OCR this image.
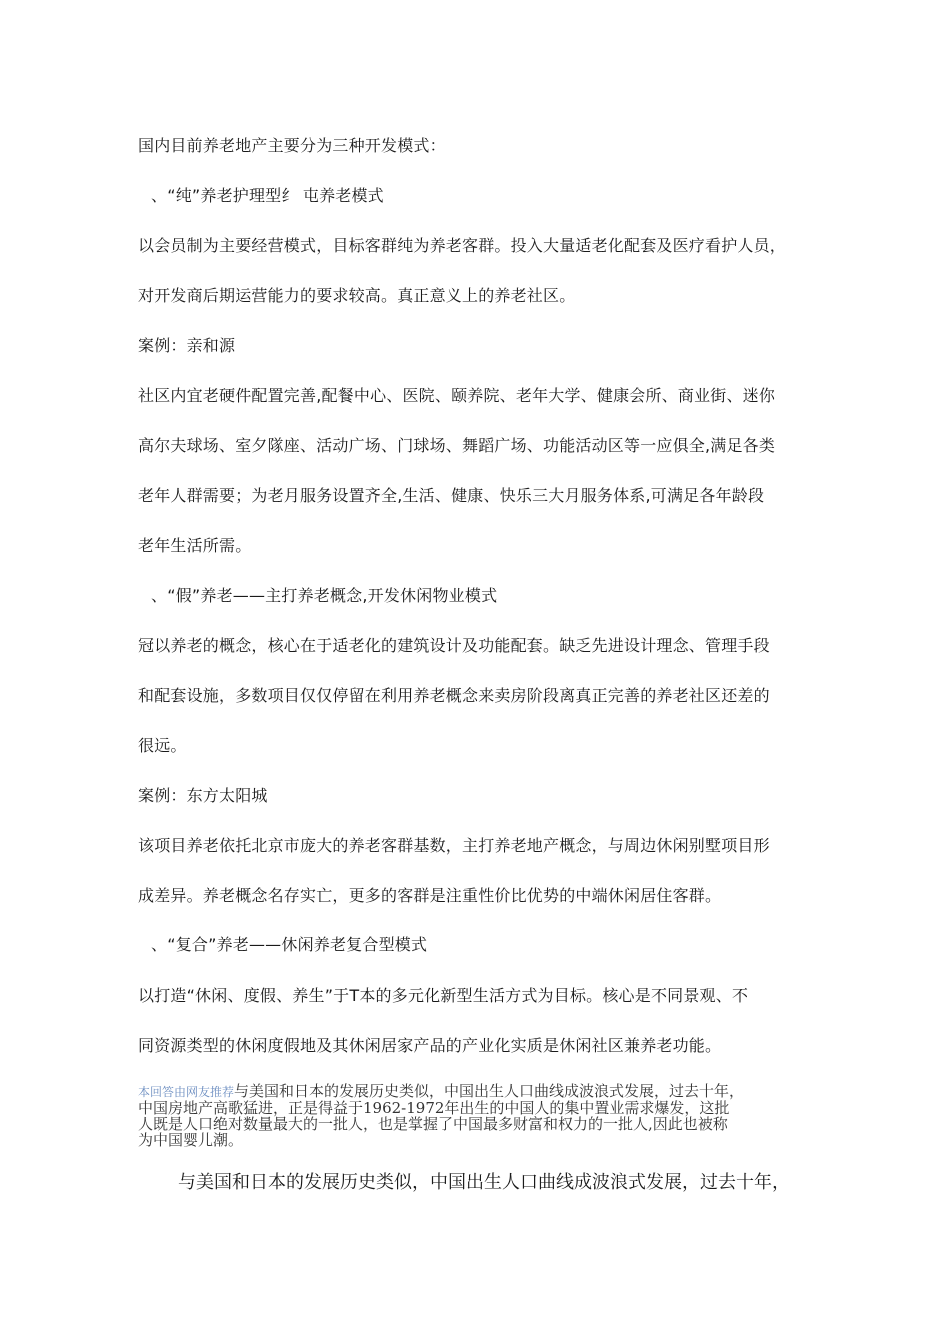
国内目前养老地产主要分为三种开发模式：
、“纯”养老护理型纟 屯养老模式
以会员制为主要经营模式，目标客群纯为养老客群。投入大量适老化配套及医疗看护人员，
对开发商后期运营能力的要求较高。真正意义上的养老社区。
案例：亲和源
社区内宜老硬件配置完善,配餐中心、医院、颐养院、老年大学、健康会所、商业街、迷你
高尔夫球场、室夕隊座、活动广场、门球场、舞蹈广场、功能活动区等一应俱全,满足各类
老年人群需要；为老月服务设置齐全,生活、健康、快乐三大月服务体系,可满足各年龄段
老年生活所需。
、“假”养老——主打养老概念,开发休闲物业模式
冠以养老的概念，核心在于适老化的建筑设计及功能配套。缺乏先进设计理念、管理手段
和配套设施，多数项目仅仅停留在利用养老概念来卖房阶段离真正完善的养老社区还差的
很远。
案例：东方太阳城
该项目养老依托北京市庞大的养老客群基数，主打养老地产概念，与周边休闲别墅项目形
成差异。养老概念名存实亡，更多的客群是注重性价比优势的中端休闲居住客群。
、“复合”养老——休闲养老复合型模式
以打造“休闲、度假、养生”于T本的多元化新型生活方式为目标。核心是不同景观、不
同资源类型的休闲度假地及其休闲居家产品的产业化实质是休闲社区兼养老功能。
本回答由网友推荐与美国和日本的发展历史类似，中国出生人口曲线成波浪式发展，过去十年，
中国房地产高歌猛进，正是得益于1962-1972年出生的中国人的集中置业需求爆发，这批
人既是人口绝对数量最大的一批人，也是掌握了中国最多财富和权力的一批人,因此也被称
为中国婴儿潮。
与美国和日本的发展历史类似，中国出生人口曲线成波浪式发展，过去十年，
